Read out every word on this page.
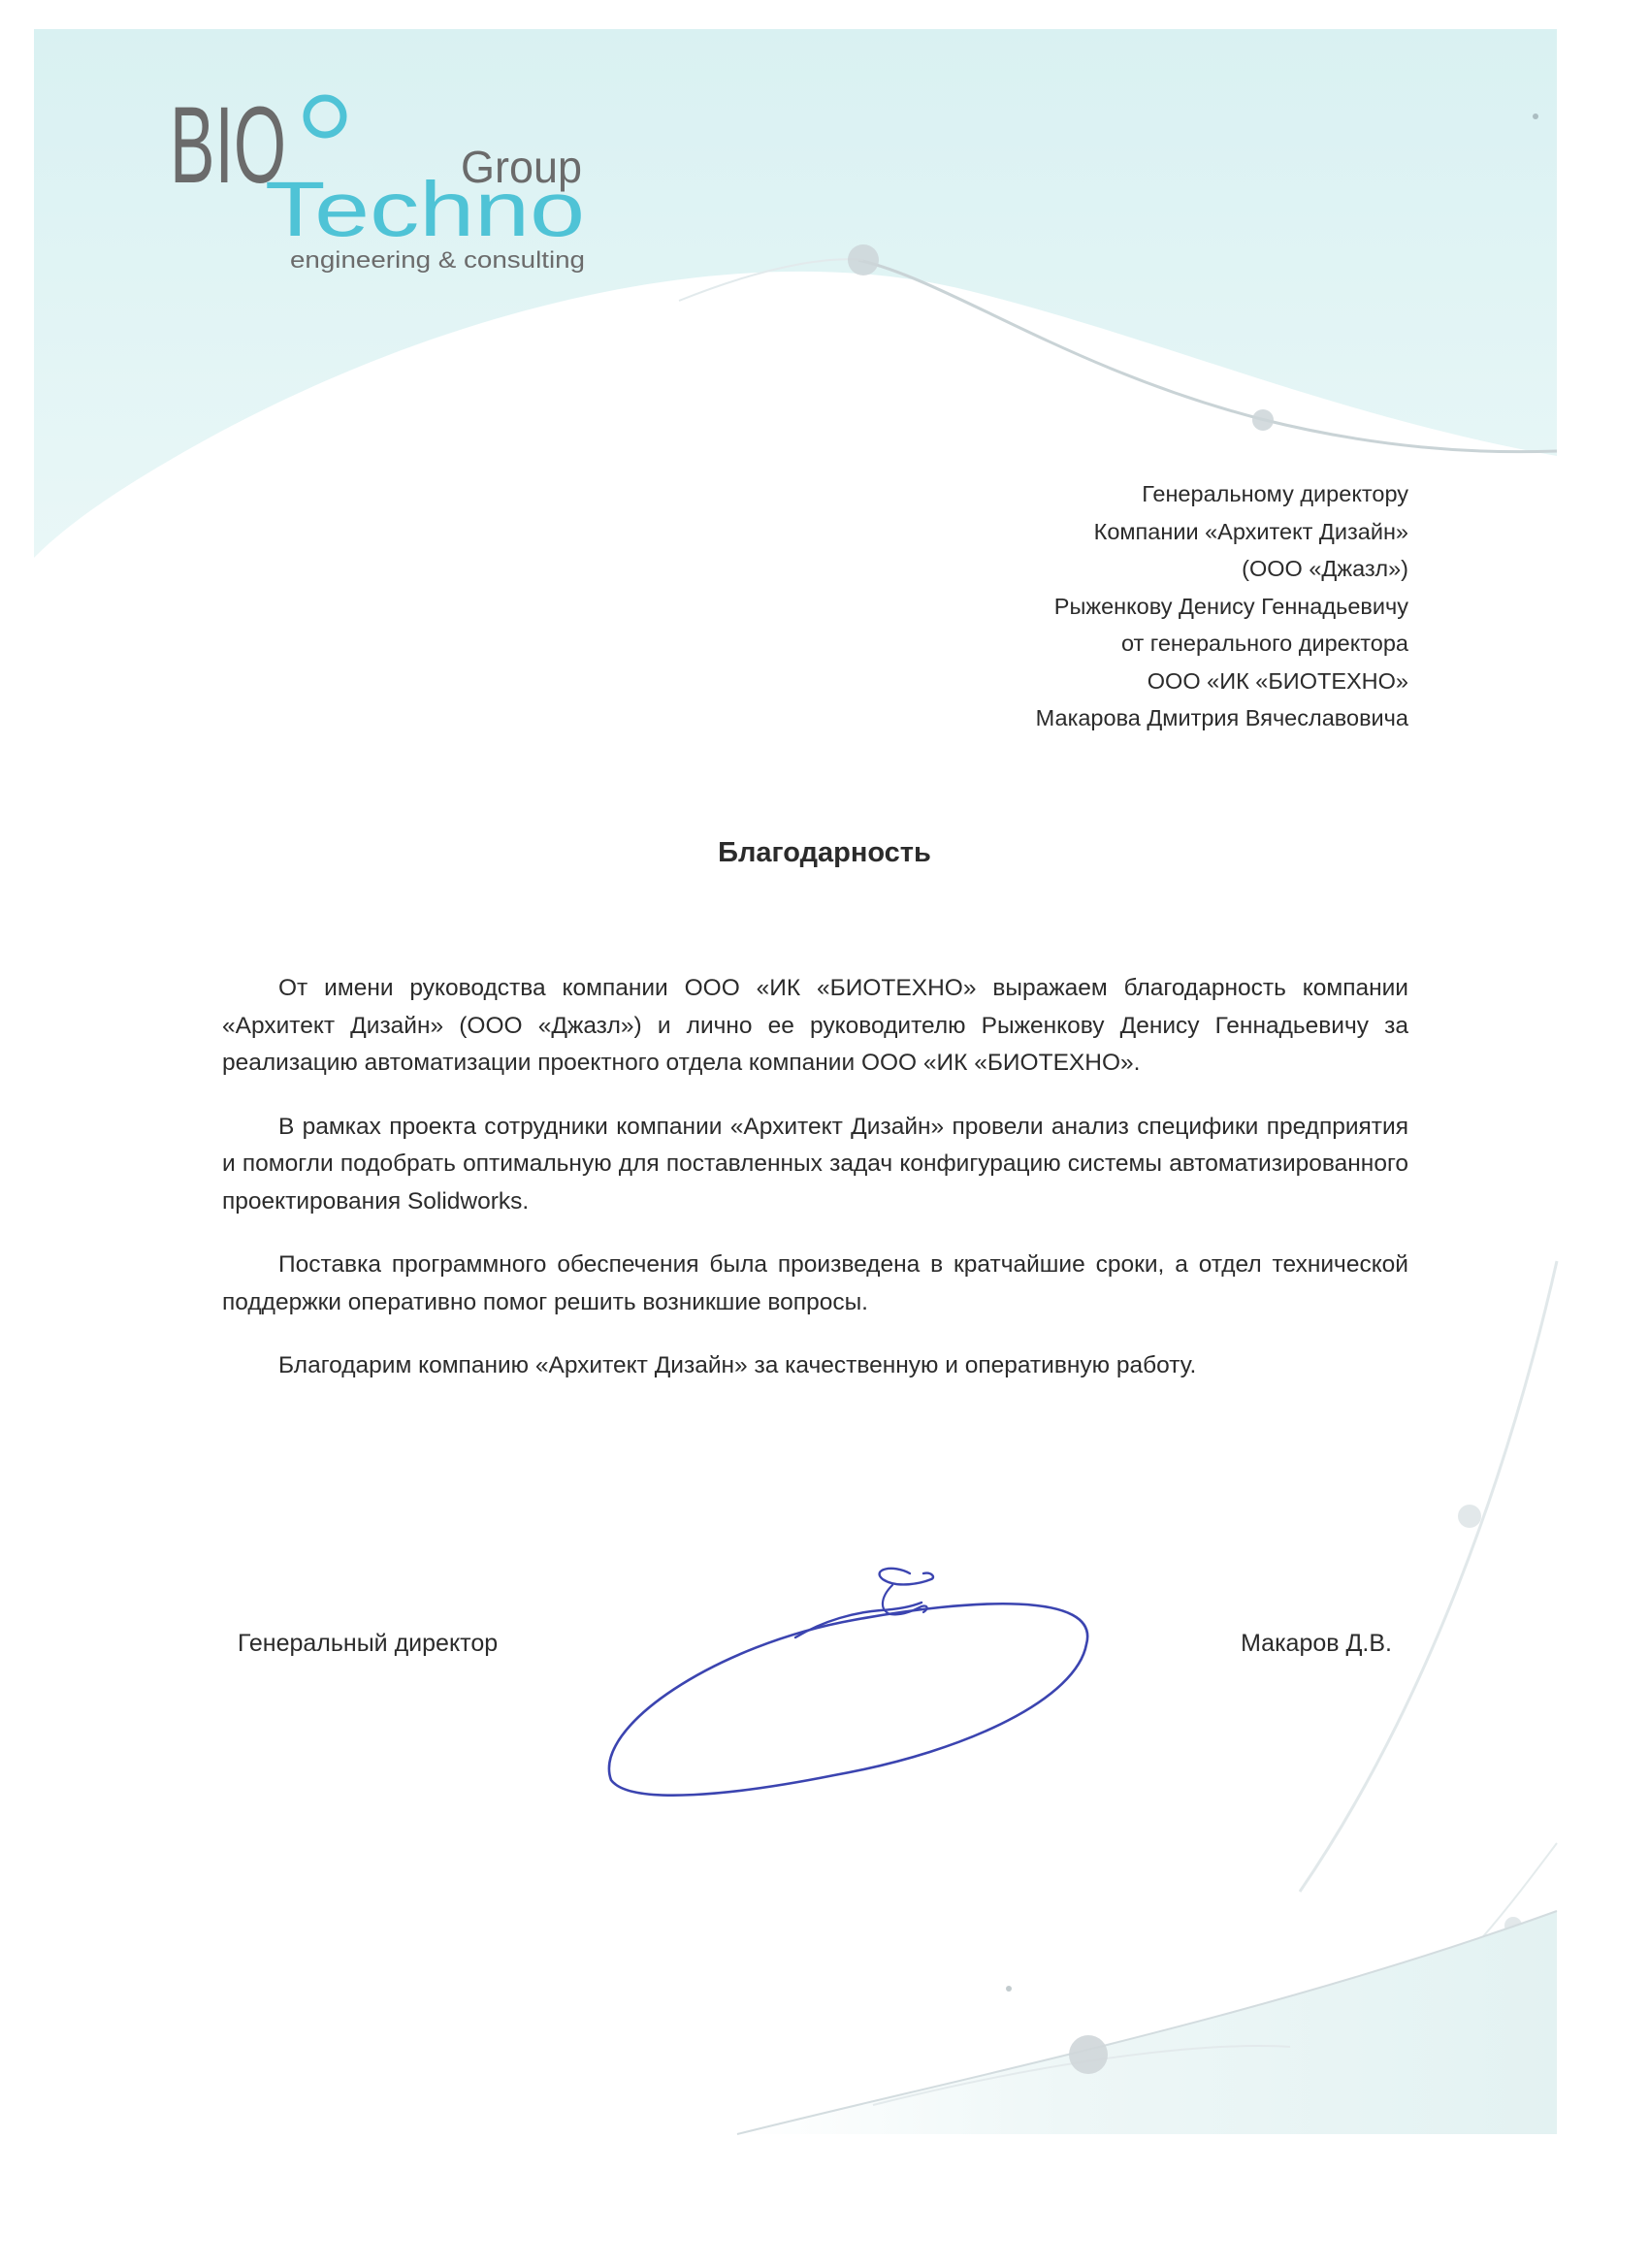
BIO	Group
Techno
engineering & consulting
Генеральному директору
Компании «Архитект Дизайн»
(ООО «Джазл»)
Рыженкову Денису Геннадьевичу
от генерального директора
ООО «ИК «БИОТЕХНО»
Макарова Дмитрия Вячеславовича
Благодарность

От имени руководства компании ООО «ИК «БИОТЕХНО» выражаем благодарность компании «Архитект Дизайн» (ООО «Джазл») и лично ее руководителю Рыженкову Денису Геннадьевичу за реализацию автоматизации проектного отдела компании ООО «ИК «БИОТЕХНО».

В рамках проекта сотрудники компании «Архитект Дизайн» провели анализ специфики предприятия и помогли подобрать оптимальную для поставленных задач конфигурацию системы автоматизированного проектирования Solidworks.

Поставка программного обеспечения была произведена в кратчайшие сроки, а отдел технической поддержки оперативно помог решить возникшие вопросы.

Благодарим компанию «Архитект Дизайн» за качественную и оперативную работу.

Генеральный директор	Макаров Д.В.
